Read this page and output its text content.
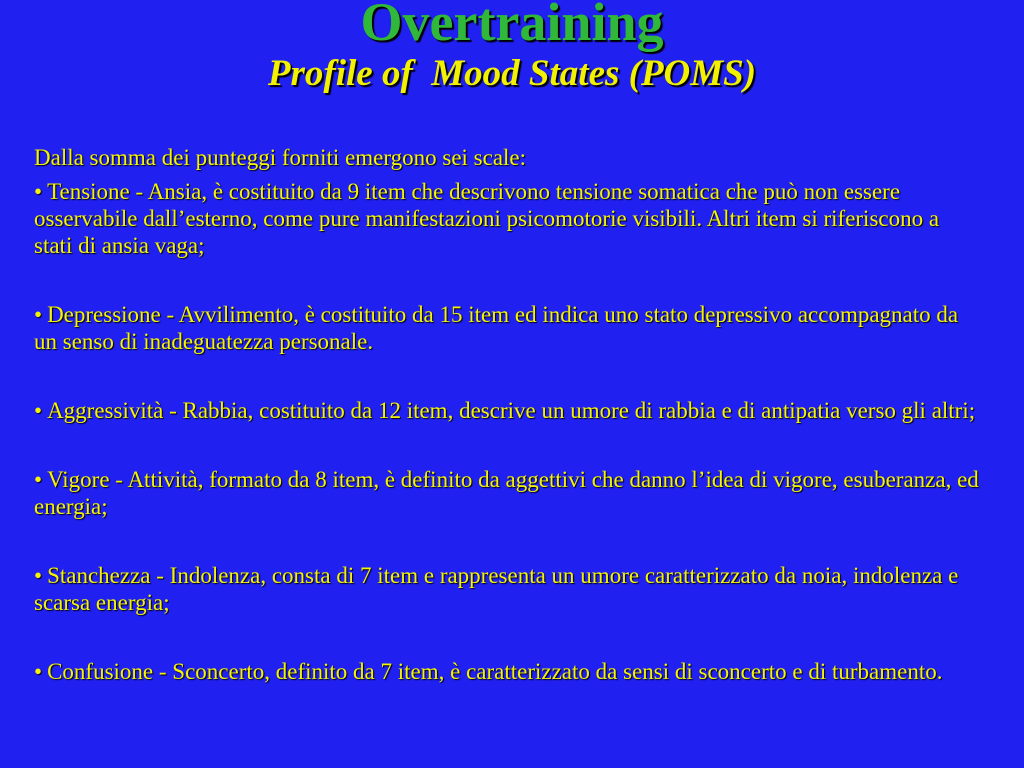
Overtraining
Profile of  Mood States (POMS)

Dalla somma dei punteggi forniti emergono sei scale:

• Tensione - Ansia, è costituito da 9 item che descrivono tensione somatica che può non essere osservabile dall’esterno, come pure manifestazioni psicomotorie visibili. Altri item si riferiscono a stati di ansia vaga;

• Depressione - Avvilimento, è costituito da 15 item ed indica uno stato depressivo accompagnato da un senso di inadeguatezza personale.

• Aggressività - Rabbia, costituito da 12 item, descrive un umore di rabbia e di antipatia verso gli altri;

• Vigore - Attività, formato da 8 item, è definito da aggettivi che danno l’idea di vigore, esuberanza, ed energia;

• Stanchezza - Indolenza, consta di 7 item e rappresenta un umore caratterizzato da noia, indolenza e scarsa energia;

• Confusione - Sconcerto, definito da 7 item, è caratterizzato da sensi di sconcerto e di turbamento.
